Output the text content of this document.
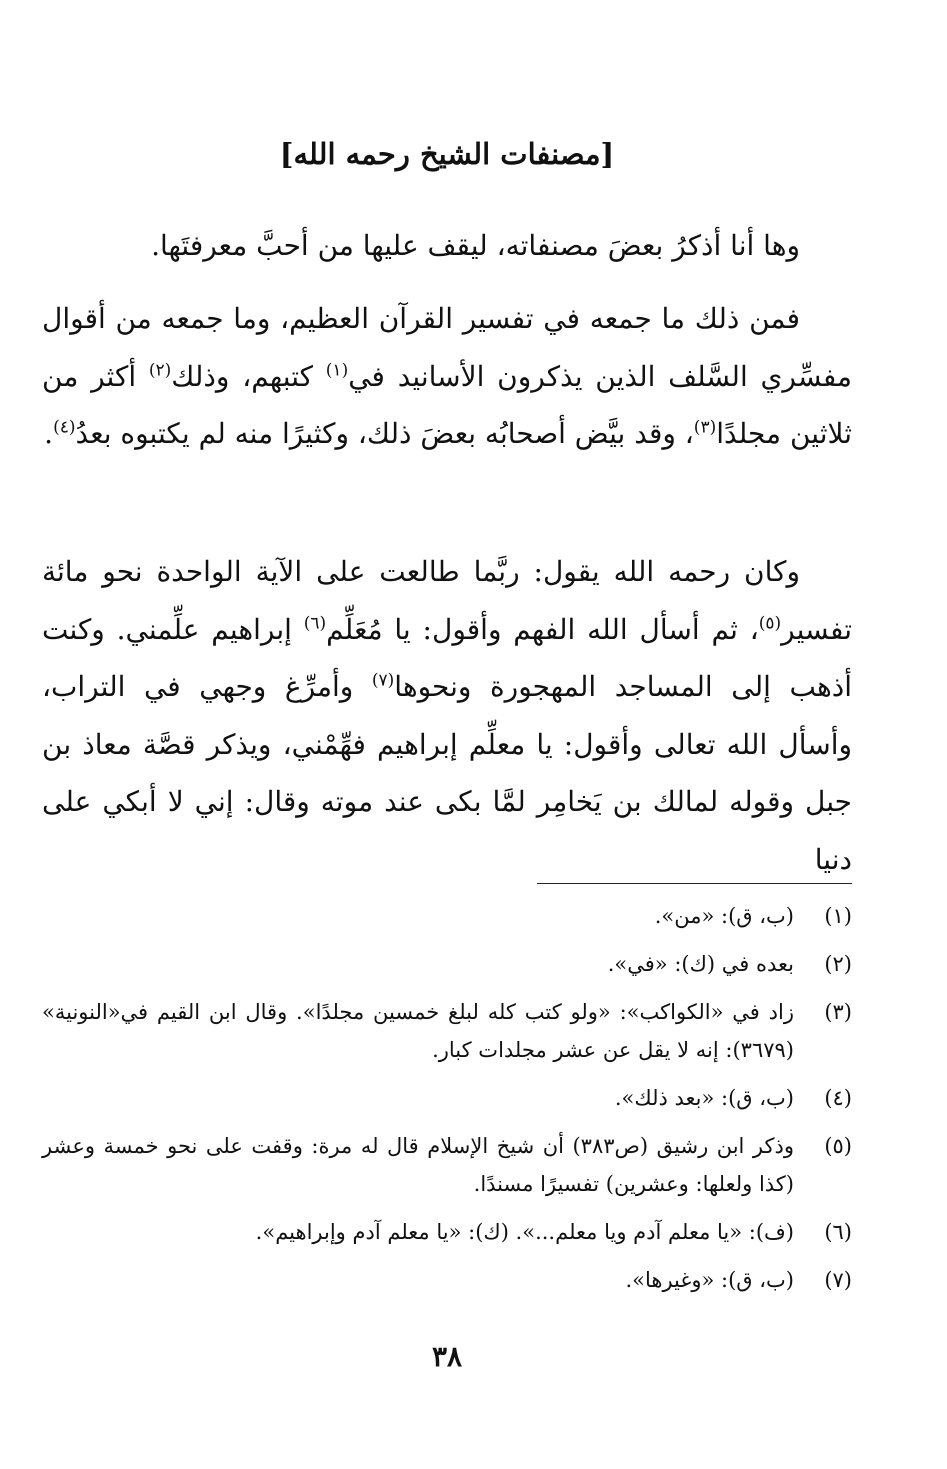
[مصنفات الشيخ رحمه الله]

وها أنا أذكرُ بعضَ مصنفاته، ليقف عليها من أحبَّ معرفتَها.

فمن ذلك ما جمعه في تفسير القرآن العظيم، وما جمعه من أقوال مفسِّري السَّلف الذين يذكرون الأسانيد في$^{(١)}$ كتبهم، وذلك$^{(٢)}$ أكثر من ثلاثين مجلدًا$^{(٣)}$، وقد بيَّض أصحابُه بعضَ ذلك، وكثيرًا منه لم يكتبوه بعدُ$^{(٤)}$.

وكان رحمه الله يقول: ربَّما طالعت على الآية الواحدة نحو مائة تفسير$^{(٥)}$، ثم أسأل الله الفهم وأقول: يا مُعَلِّم$^{(٦)}$ إبراهيم علِّمني. وكنت أذهب إلى المساجد المهجورة ونحوها$^{(٧)}$ وأمرِّغ وجهي في التراب، وأسأل الله تعالى وأقول: يا معلِّم إبراهيم فهِّمْني، ويذكر قصَّة معاذ بن جبل وقوله لمالك بن يَخامِر لمَّا بكى عند موته وقال: إني لا أبكي على دنيا

(١)
(ب، ق): «من».
(٢)
بعده في (ك): «في».
(٣)
زاد في «الكواكب»: «ولو كتب كله لبلغ خمسين مجلدًا». وقال ابن القيم في«النونية» (٣٦٧٩): إنه لا يقل عن عشر مجلدات كبار.
(٤)
(ب، ق): «بعد ذلك».
(٥)
وذكر ابن رشيق (ص٣٨٣) أن شيخ الإسلام قال له مرة: وقفت على نحو خمسة وعشر (كذا ولعلها: وعشرين) تفسيرًا مسندًا.
(٦)
(ف): «يا معلم آدم ويا معلم...». (ك): «يا معلم آدم وإبراهيم».
(٧)
(ب، ق): «وغيرها».

٣٨
